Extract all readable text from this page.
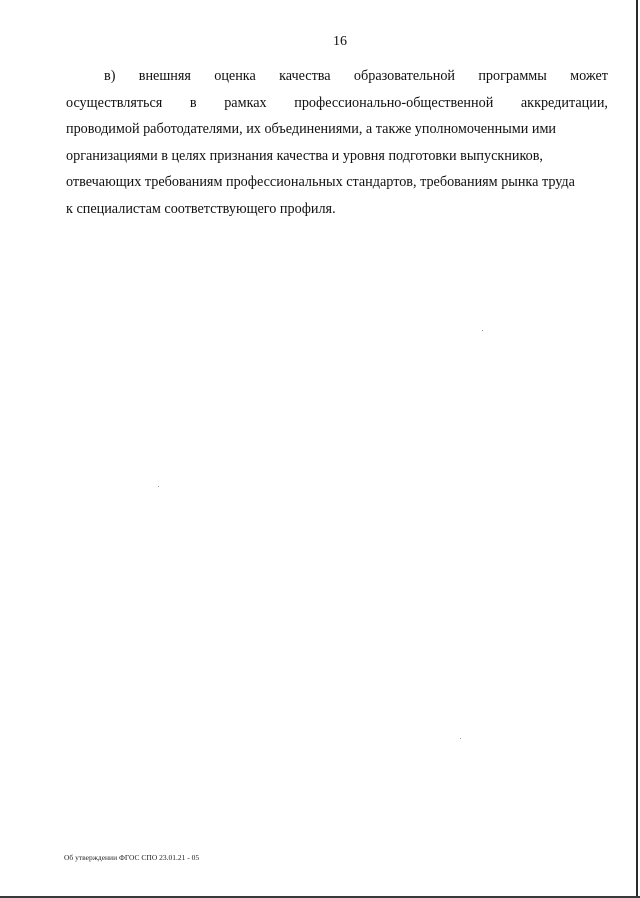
16
в) внешняя оценка качества образовательной программы может
осуществляться в рамках профессионально-общественной аккредитации,
проводимой работодателями, их объединениями, а также уполномоченными ими
организациями в целях признания качества и уровня подготовки выпускников,
отвечающих требованиям профессиональных стандартов, требованиям рынка труда
к специалистам соответствующего профиля.
Об утверждении ФГОС СПО 23.01.21 - 05
